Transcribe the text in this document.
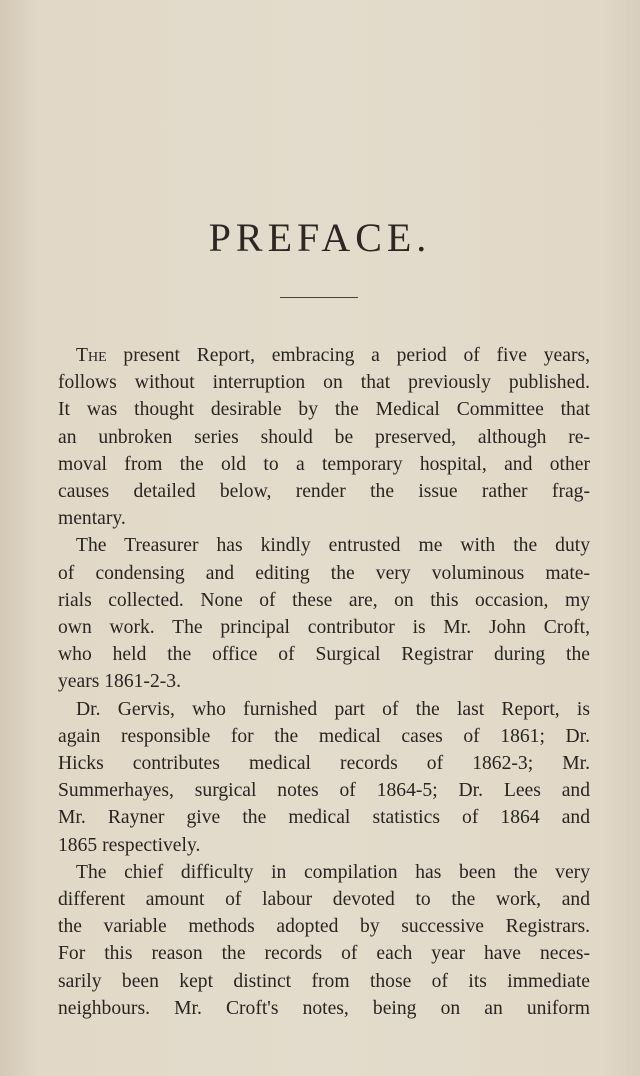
PREFACE.
The present Report, embracing a period of five years,
follows without interruption on that previously published.
It was thought desirable by the Medical Committee that
an unbroken series should be preserved, although re-
moval from the old to a temporary hospital, and other
causes detailed below, render the issue rather frag-
mentary.
The Treasurer has kindly entrusted me with the duty
of condensing and editing the very voluminous mate-
rials collected. None of these are, on this occasion, my
own work. The principal contributor is Mr. John Croft,
who held the office of Surgical Registrar during the
years 1861-2-3.
Dr. Gervis, who furnished part of the last Report, is
again responsible for the medical cases of 1861; Dr.
Hicks contributes medical records of 1862-3; Mr.
Summerhayes, surgical notes of 1864-5; Dr. Lees and
Mr. Rayner give the medical statistics of 1864 and
1865 respectively.
The chief difficulty in compilation has been the very
different amount of labour devoted to the work, and
the variable methods adopted by successive Registrars.
For this reason the records of each year have neces-
sarily been kept distinct from those of its immediate
neighbours. Mr. Croft's notes, being on an uniform
